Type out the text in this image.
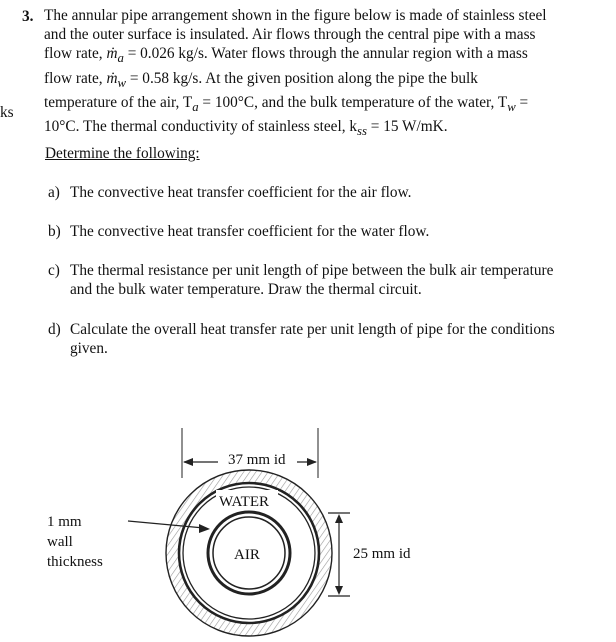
ks
3. The annular pipe arrangement shown in the figure below is made of stainless steel

and the outer surface is insulated. Air flows through the central pipe with a mass

flow rate, ṁ$_a$ = 0.026 kg/s. Water flows through the annular region with a mass

flow rate, ṁ$_w$ = 0.58 kg/s. At the given position along the pipe the bulk

temperature of the air, $T_a = 100^\circ C$, and the bulk temperature of the water, $T_w$ =

10°C. The thermal conductivity of stainless steel, $k_{ss} = 15$ W/mK.

Determine the following:
a) The convective heat transfer coefficient for the air flow.
b) The convective heat transfer coefficient for the water flow.
c) The thermal resistance per unit length of pipe between the bulk air temperature and the bulk water temperature. Draw the thermal circuit.
d) Calculate the overall heat transfer rate per unit length of pipe for the conditions given.
WATER
AIR
37 mm id
25 mm id
1 mm
wall
thickness
